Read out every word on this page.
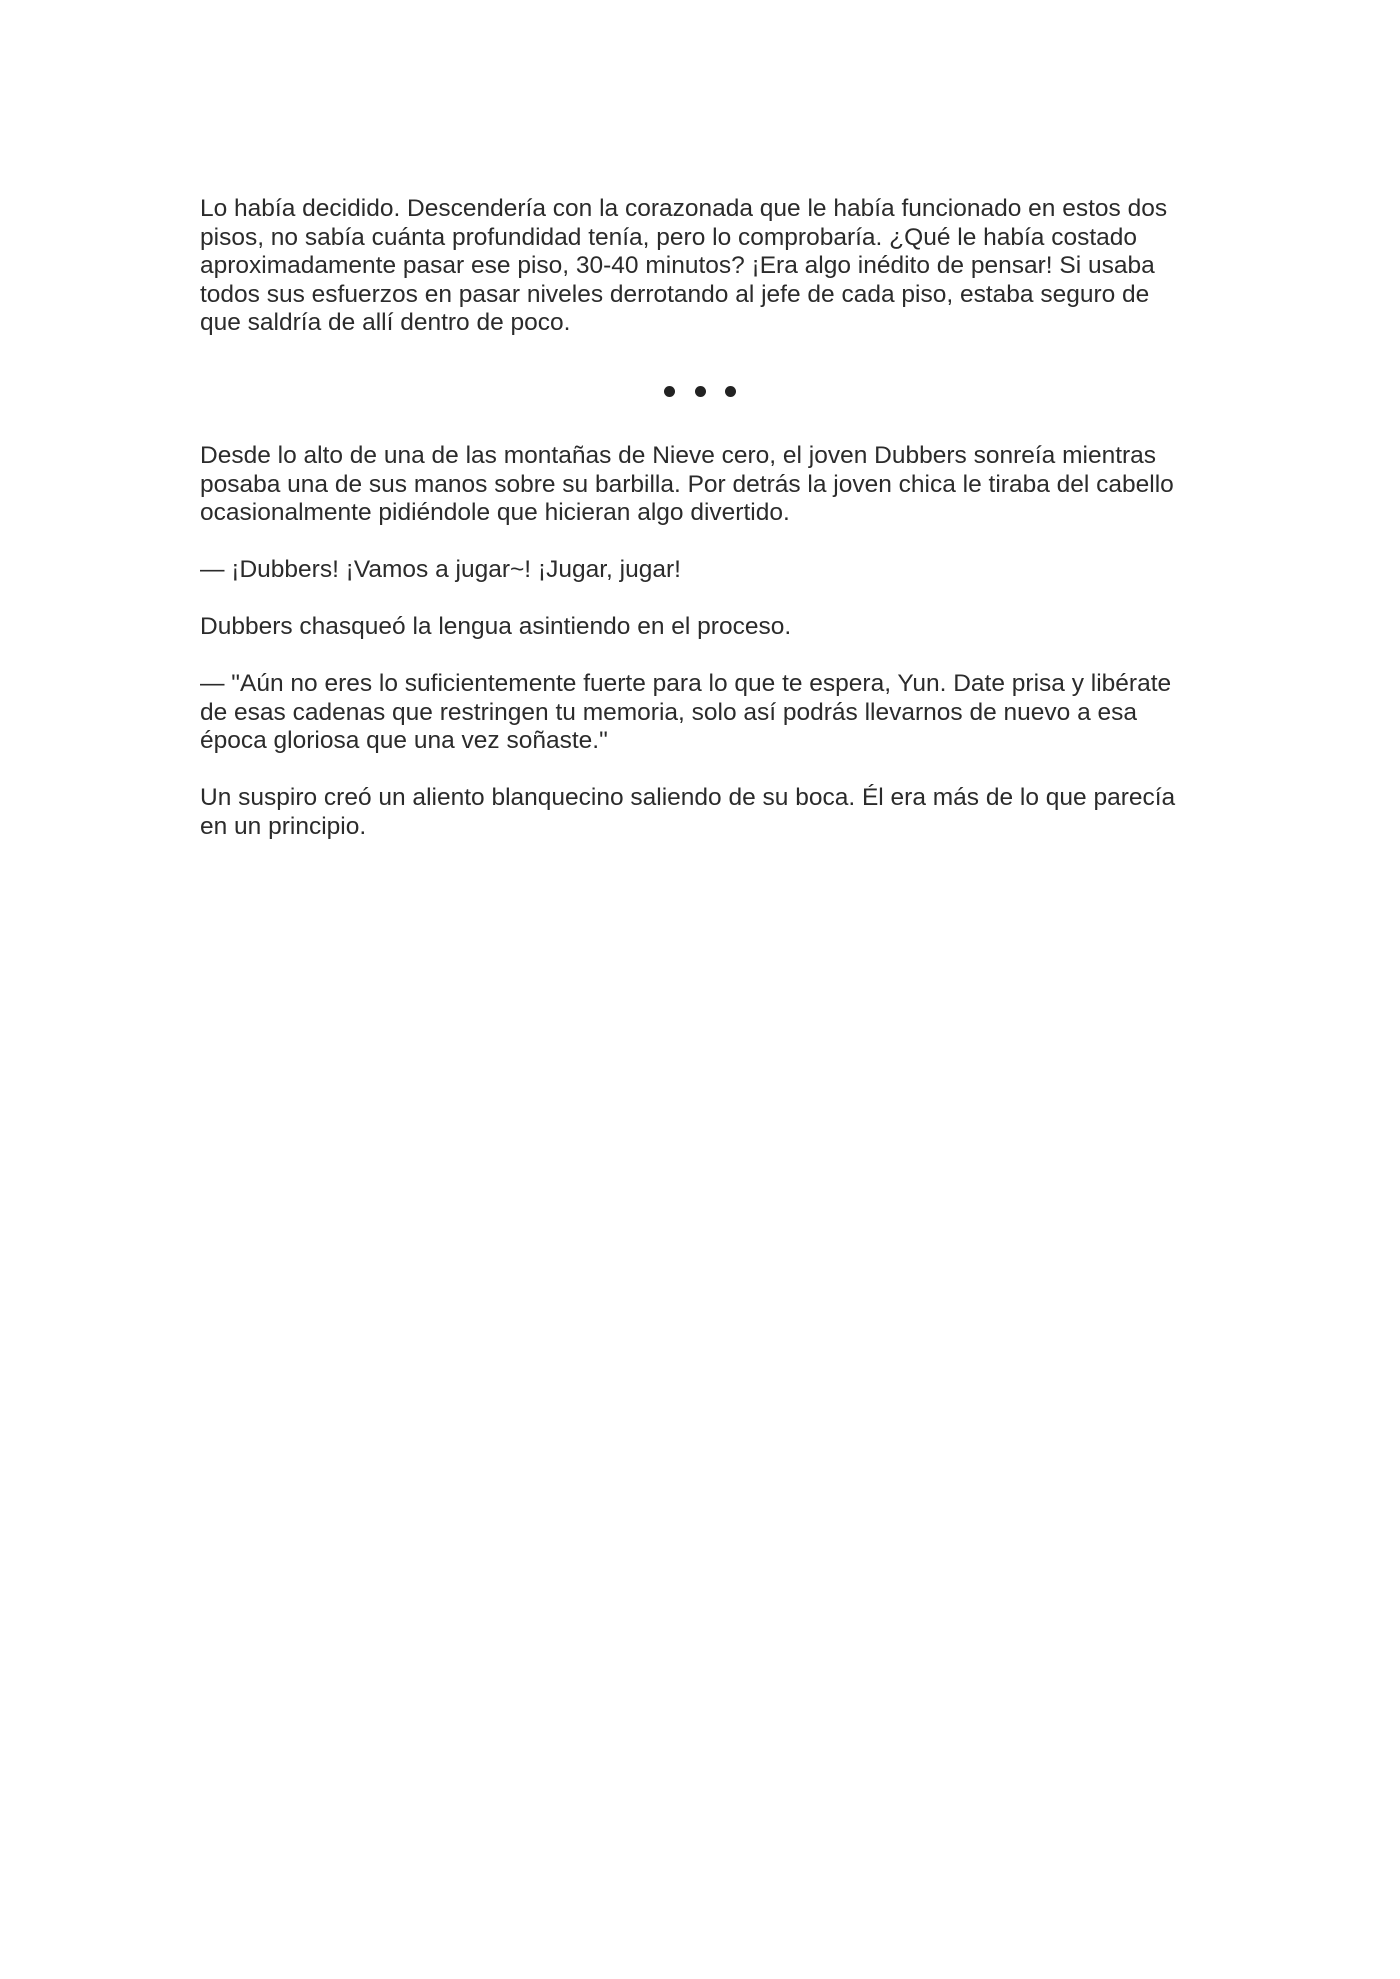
Lo había decidido. Descendería con la corazonada que le había funcionado en estos dos
pisos, no sabía cuánta profundidad tenía, pero lo comprobaría. ¿Qué le había costado
aproximadamente pasar ese piso, 30-40 minutos? ¡Era algo inédito de pensar! Si usaba
todos sus esfuerzos en pasar niveles derrotando al jefe de cada piso, estaba seguro de
que saldría de allí dentro de poco.

Desde lo alto de una de las montañas de Nieve cero, el joven Dubbers sonreía mientras
posaba una de sus manos sobre su barbilla. Por detrás la joven chica le tiraba del cabello
ocasionalmente pidiéndole que hicieran algo divertido.

— ¡Dubbers! ¡Vamos a jugar~! ¡Jugar, jugar!

Dubbers chasqueó la lengua asintiendo en el proceso.

— "Aún no eres lo suficientemente fuerte para lo que te espera, Yun. Date prisa y libérate
de esas cadenas que restringen tu memoria, solo así podrás llevarnos de nuevo a esa
época gloriosa que una vez soñaste."

Un suspiro creó un aliento blanquecino saliendo de su boca. Él era más de lo que parecía
en un principio.
